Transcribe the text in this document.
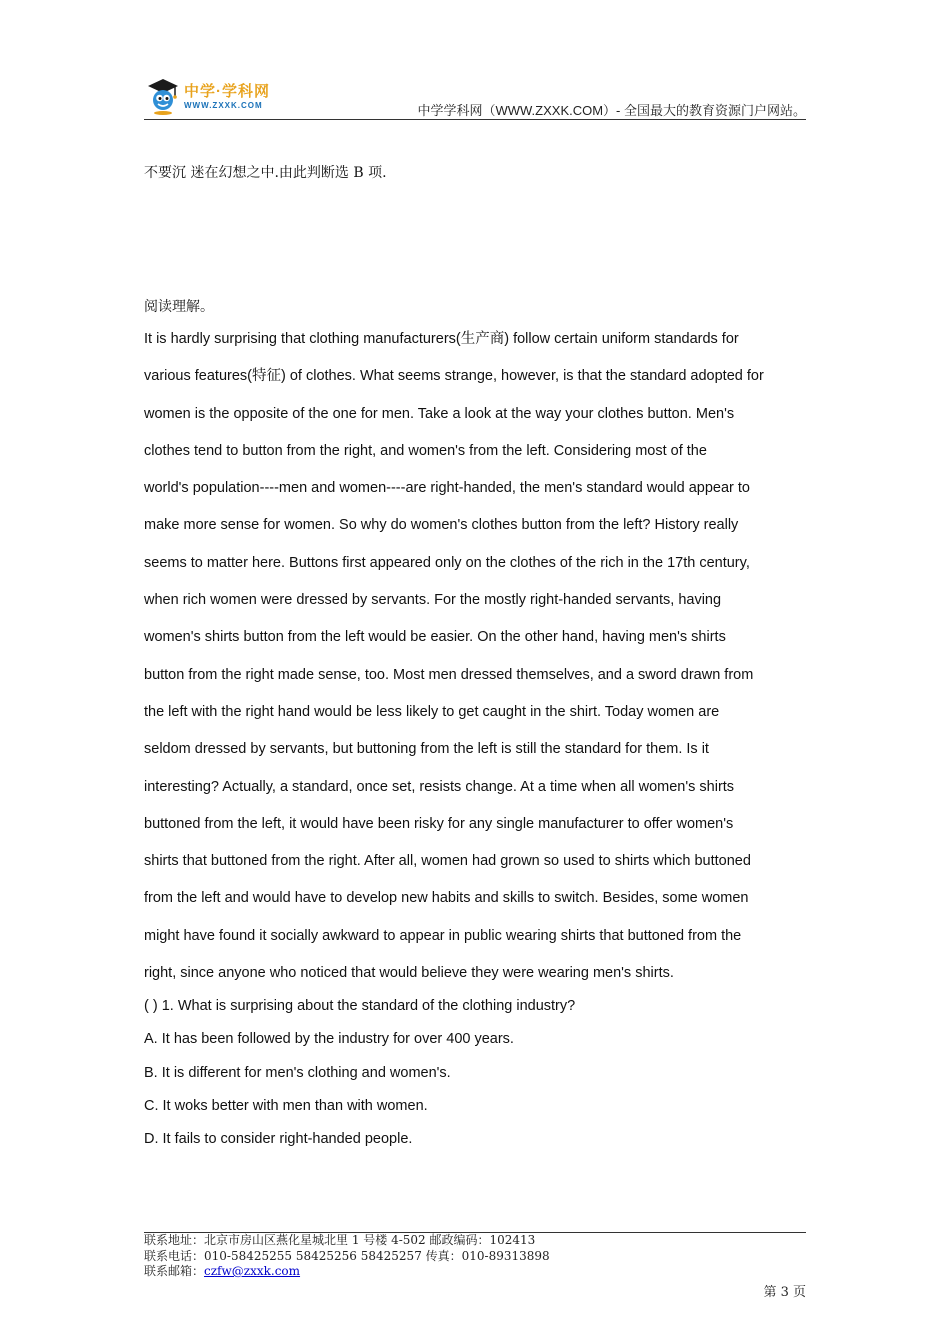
中学·学科网
WWW.ZXXK.COM	中学学科网（WWW.ZXXK.COM）- 全国最大的教育资源门户网站。
不要沉 迷在幻想之中.由此判断选 B 项.
阅读理解。

It is hardly surprising that clothing manufacturers(生产商) follow certain uniform standards for

various features(特征) of clothes. What seems strange, however, is that the standard adopted for

women is the opposite of the one for men. Take a look at the way your clothes button. Men's

clothes tend to button from the right, and women's from the left. Considering most of the

world's population----men and women----are right-handed, the men's standard would appear to

make more sense for women. So why do women's clothes button from the left? History really

seems to matter here. Buttons first appeared only on the clothes of the rich in the 17th century,

when rich women were dressed by servants. For the mostly right-handed servants, having

women's shirts button from the left would be easier. On the other hand, having men's shirts

button from the right made sense, too. Most men dressed themselves, and a sword drawn from

the left with the right hand would be less likely to get caught in the shirt. Today women are

seldom dressed by servants, but buttoning from the left is still the standard for them. Is it

interesting? Actually, a standard, once set, resists change. At a time when all women's shirts

buttoned from the left, it would have been risky for any single manufacturer to offer women's

shirts that buttoned from the right. After all, women had grown so used to shirts which buttoned

from the left and would have to develop new habits and skills to switch. Besides, some women

might have found it socially awkward to appear in public wearing shirts that buttoned from the

right, since anyone who noticed that would believe they were wearing men's shirts.

( ) 1. What is surprising about the standard of the clothing industry?
A. It has been followed by the industry for over 400 years.
B. It is different for men's clothing and women's.
C. It woks better with men than with women.
D. It fails to consider right-handed people.
联系地址：北京市房山区燕化星城北里 1 号楼 4-502 邮政编码：102413
联系电话：010-58425255 58425256 58425257 传真：010-89313898
联系邮箱：czfw@zxxk.com
第 3 页
